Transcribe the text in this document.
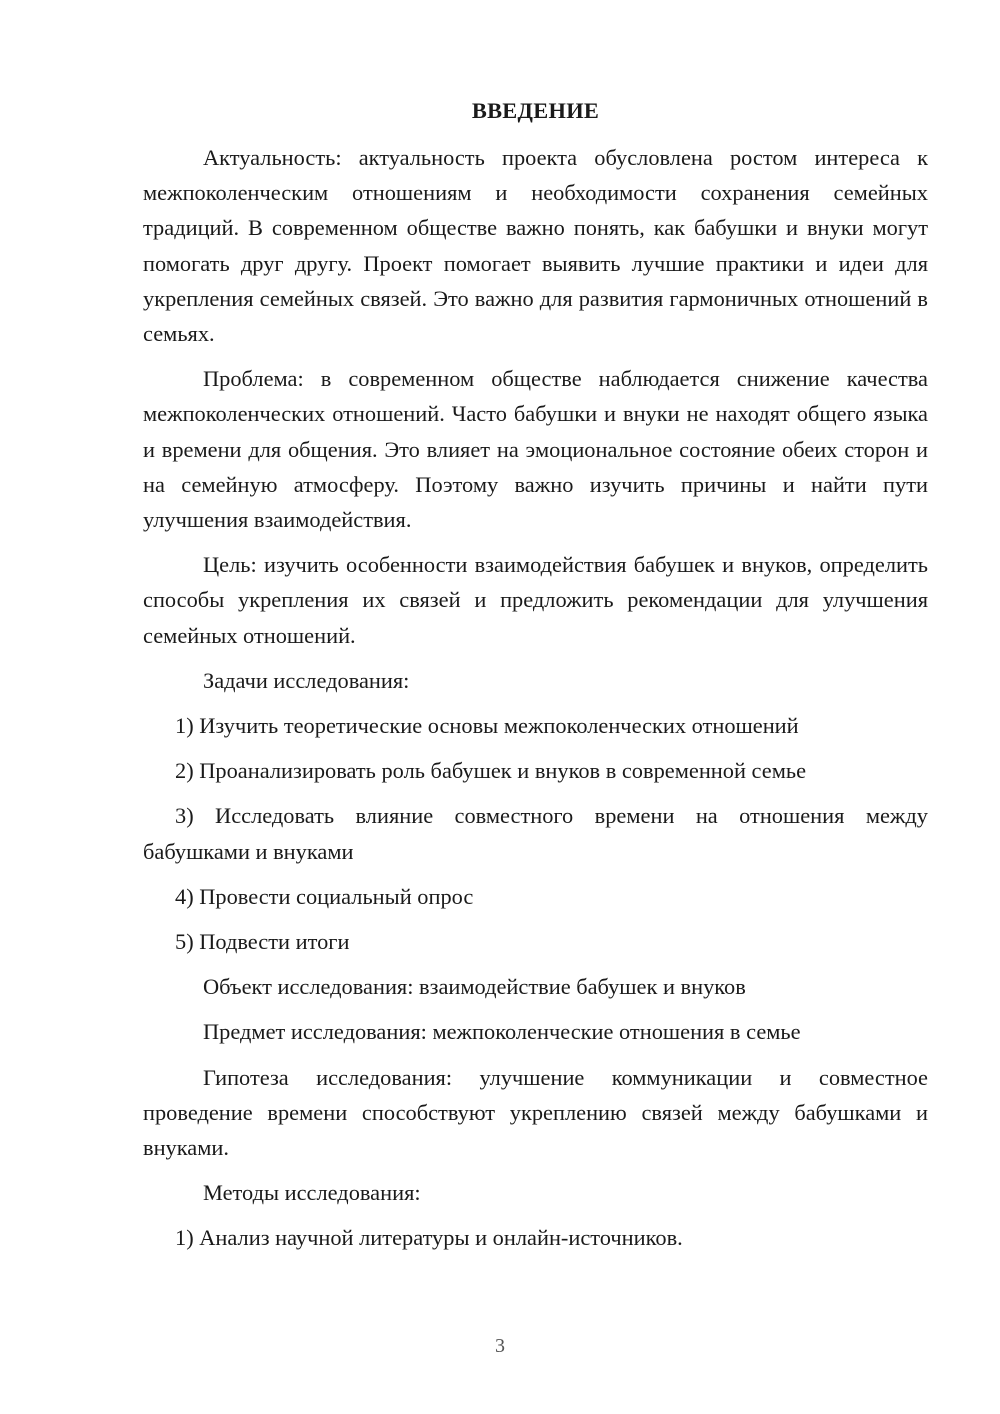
ВВЕДЕНИЕ

Актуальность: актуальность проекта обусловлена ростом интереса к межпоколенческим отношениям и необходимости сохранения семейных традиций. В современном обществе важно понять, как бабушки и внуки могут помогать друг другу. Проект помогает выявить лучшие практики и идеи для укрепления семейных связей. Это важно для развития гармоничных отношений в семьях.

Проблема: в современном обществе наблюдается снижение качества межпоколенческих отношений. Часто бабушки и внуки не находят общего языка и времени для общения. Это влияет на эмоциональное состояние обеих сторон и на семейную атмосферу. Поэтому важно изучить причины и найти пути улучшения взаимодействия.

Цель: изучить особенности взаимодействия бабушек и внуков, определить способы укрепления их связей и предложить рекомендации для улучшения семейных отношений.

Задачи исследования:

1) Изучить теоретические основы межпоколенческих отношений

2) Проанализировать роль бабушек и внуков в современной семье

3) Исследовать влияние совместного времени на отношения между бабушками и внуками

4) Провести социальный опрос

5) Подвести итоги

Объект исследования: взаимодействие бабушек и внуков

Предмет исследования: межпоколенческие отношения в семье

Гипотеза исследования: улучшение коммуникации и совместное проведение времени способствуют укреплению связей между бабушками и внуками.

Методы исследования:

1) Анализ научной литературы и онлайн-источников.

3
